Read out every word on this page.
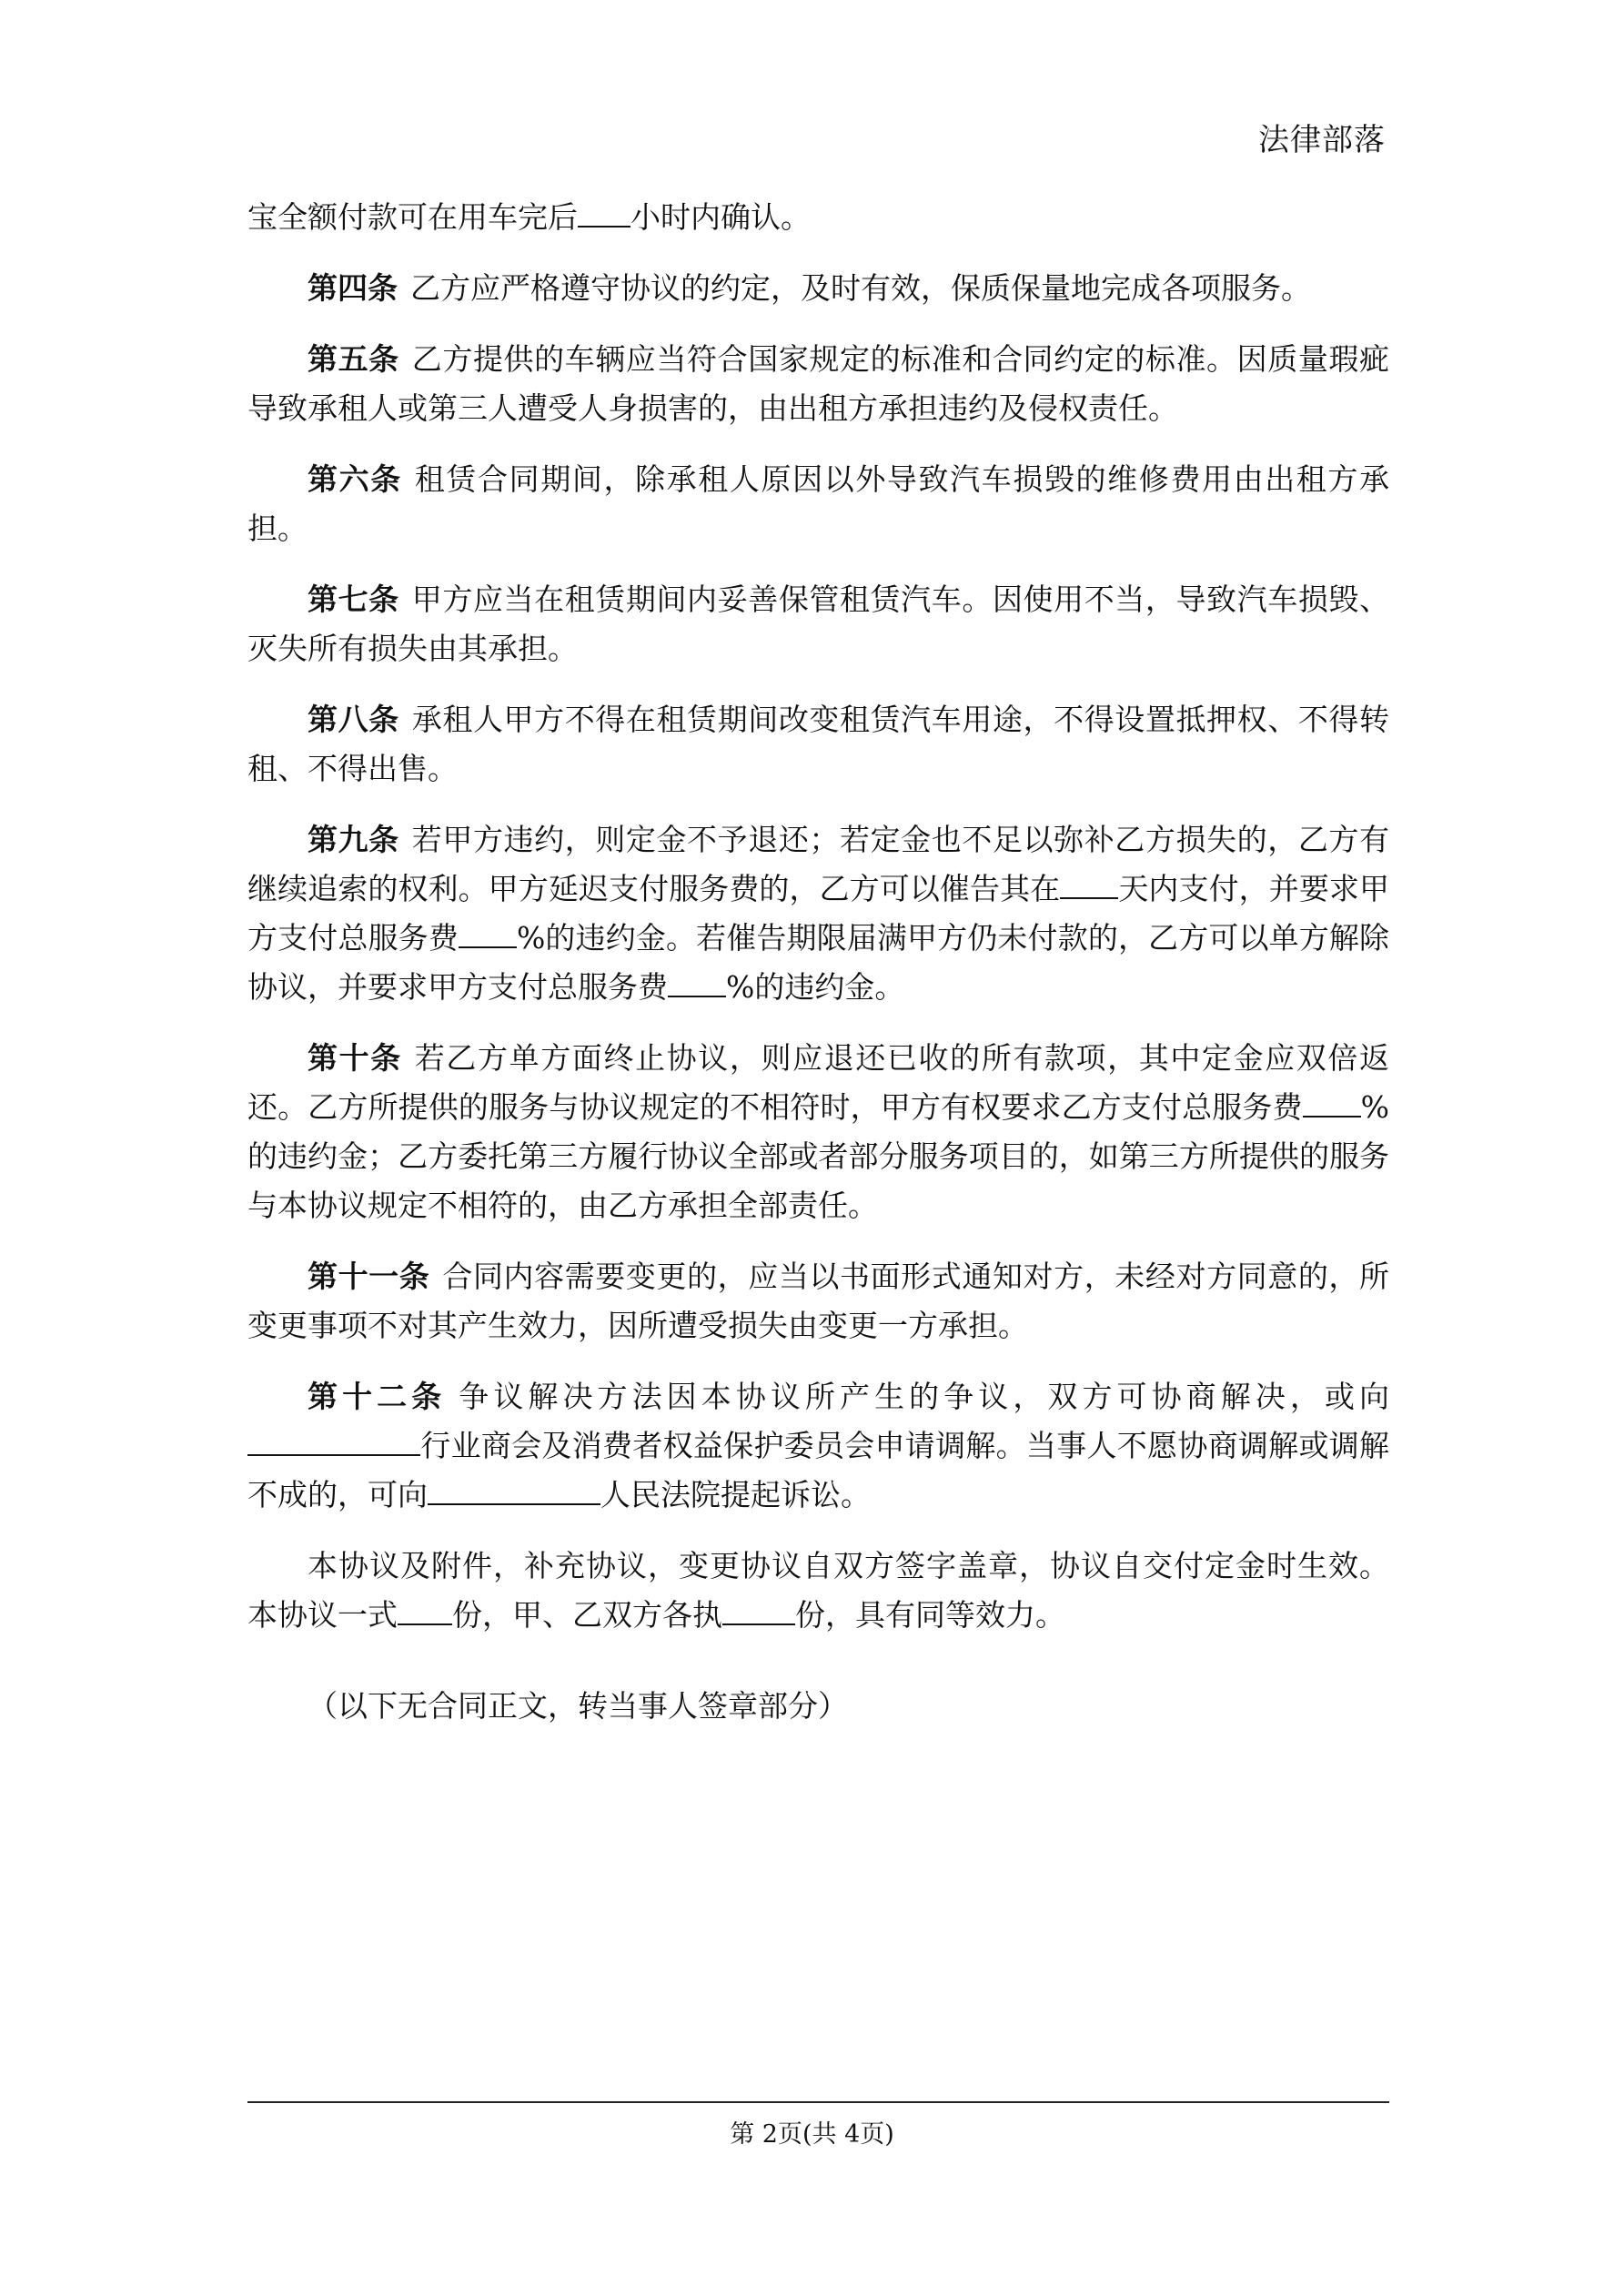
法律部落

宝全额付款可在用车完后 小时内确认。

第四条 乙方应严格遵守协议的约定，及时有效，保质保量地完成各项服务。

第五条 乙方提供的车辆应当符合国家规定的标准和合同约定的标准。因质量瑕疵导致承租人或第三人遭受人身损害的，由出租方承担违约及侵权责任。

第六条 租赁合同期间，除承租人原因以外导致汽车损毁的维修费用由出租方承担。

第七条 甲方应当在租赁期间内妥善保管租赁汽车。因使用不当，导致汽车损毁、灭失所有损失由其承担。

第八条 承租人甲方不得在租赁期间改变租赁汽车用途，不得设置抵押权、不得转租、不得出售。

第九条 若甲方违约，则定金不予退还；若定金也不足以弥补乙方损失的，乙方有继续追索的权利。甲方延迟支付服务费的，乙方可以催告其在 天内支付，并要求甲方支付总服务费 %的违约金。若催告期限届满甲方仍未付款的，乙方可以单方解除协议，并要求甲方支付总服务费 %的违约金。

第十条 若乙方单方面终止协议，则应退还已收的所有款项，其中定金应双倍返还。乙方所提供的服务与协议规定的不相符时，甲方有权要求乙方支付总服务费 %的违约金；乙方委托第三方履行协议全部或者部分服务项目的，如第三方所提供的服务与本协议规定不相符的，由乙方承担全部责任。

第十一条 合同内容需要变更的，应当以书面形式通知对方，未经对方同意的，所变更事项不对其产生效力，因所遭受损失由变更一方承担。

第十二条 争议解决方法因本协议所产生的争议，双方可协商解决，或向行业商会及消费者权益保护委员会申请调解。当事人不愿协商调解或调解不成的，可向	人民法院提起诉讼。

本协议及附件，补充协议，变更协议自双方签字盖章，协议自交付定金时生效。 本协议一式 份，甲、乙双方各执 份，具有同等效力。

（以下无合同正文，转当事人签章部分）

第 2页(共 4页)
